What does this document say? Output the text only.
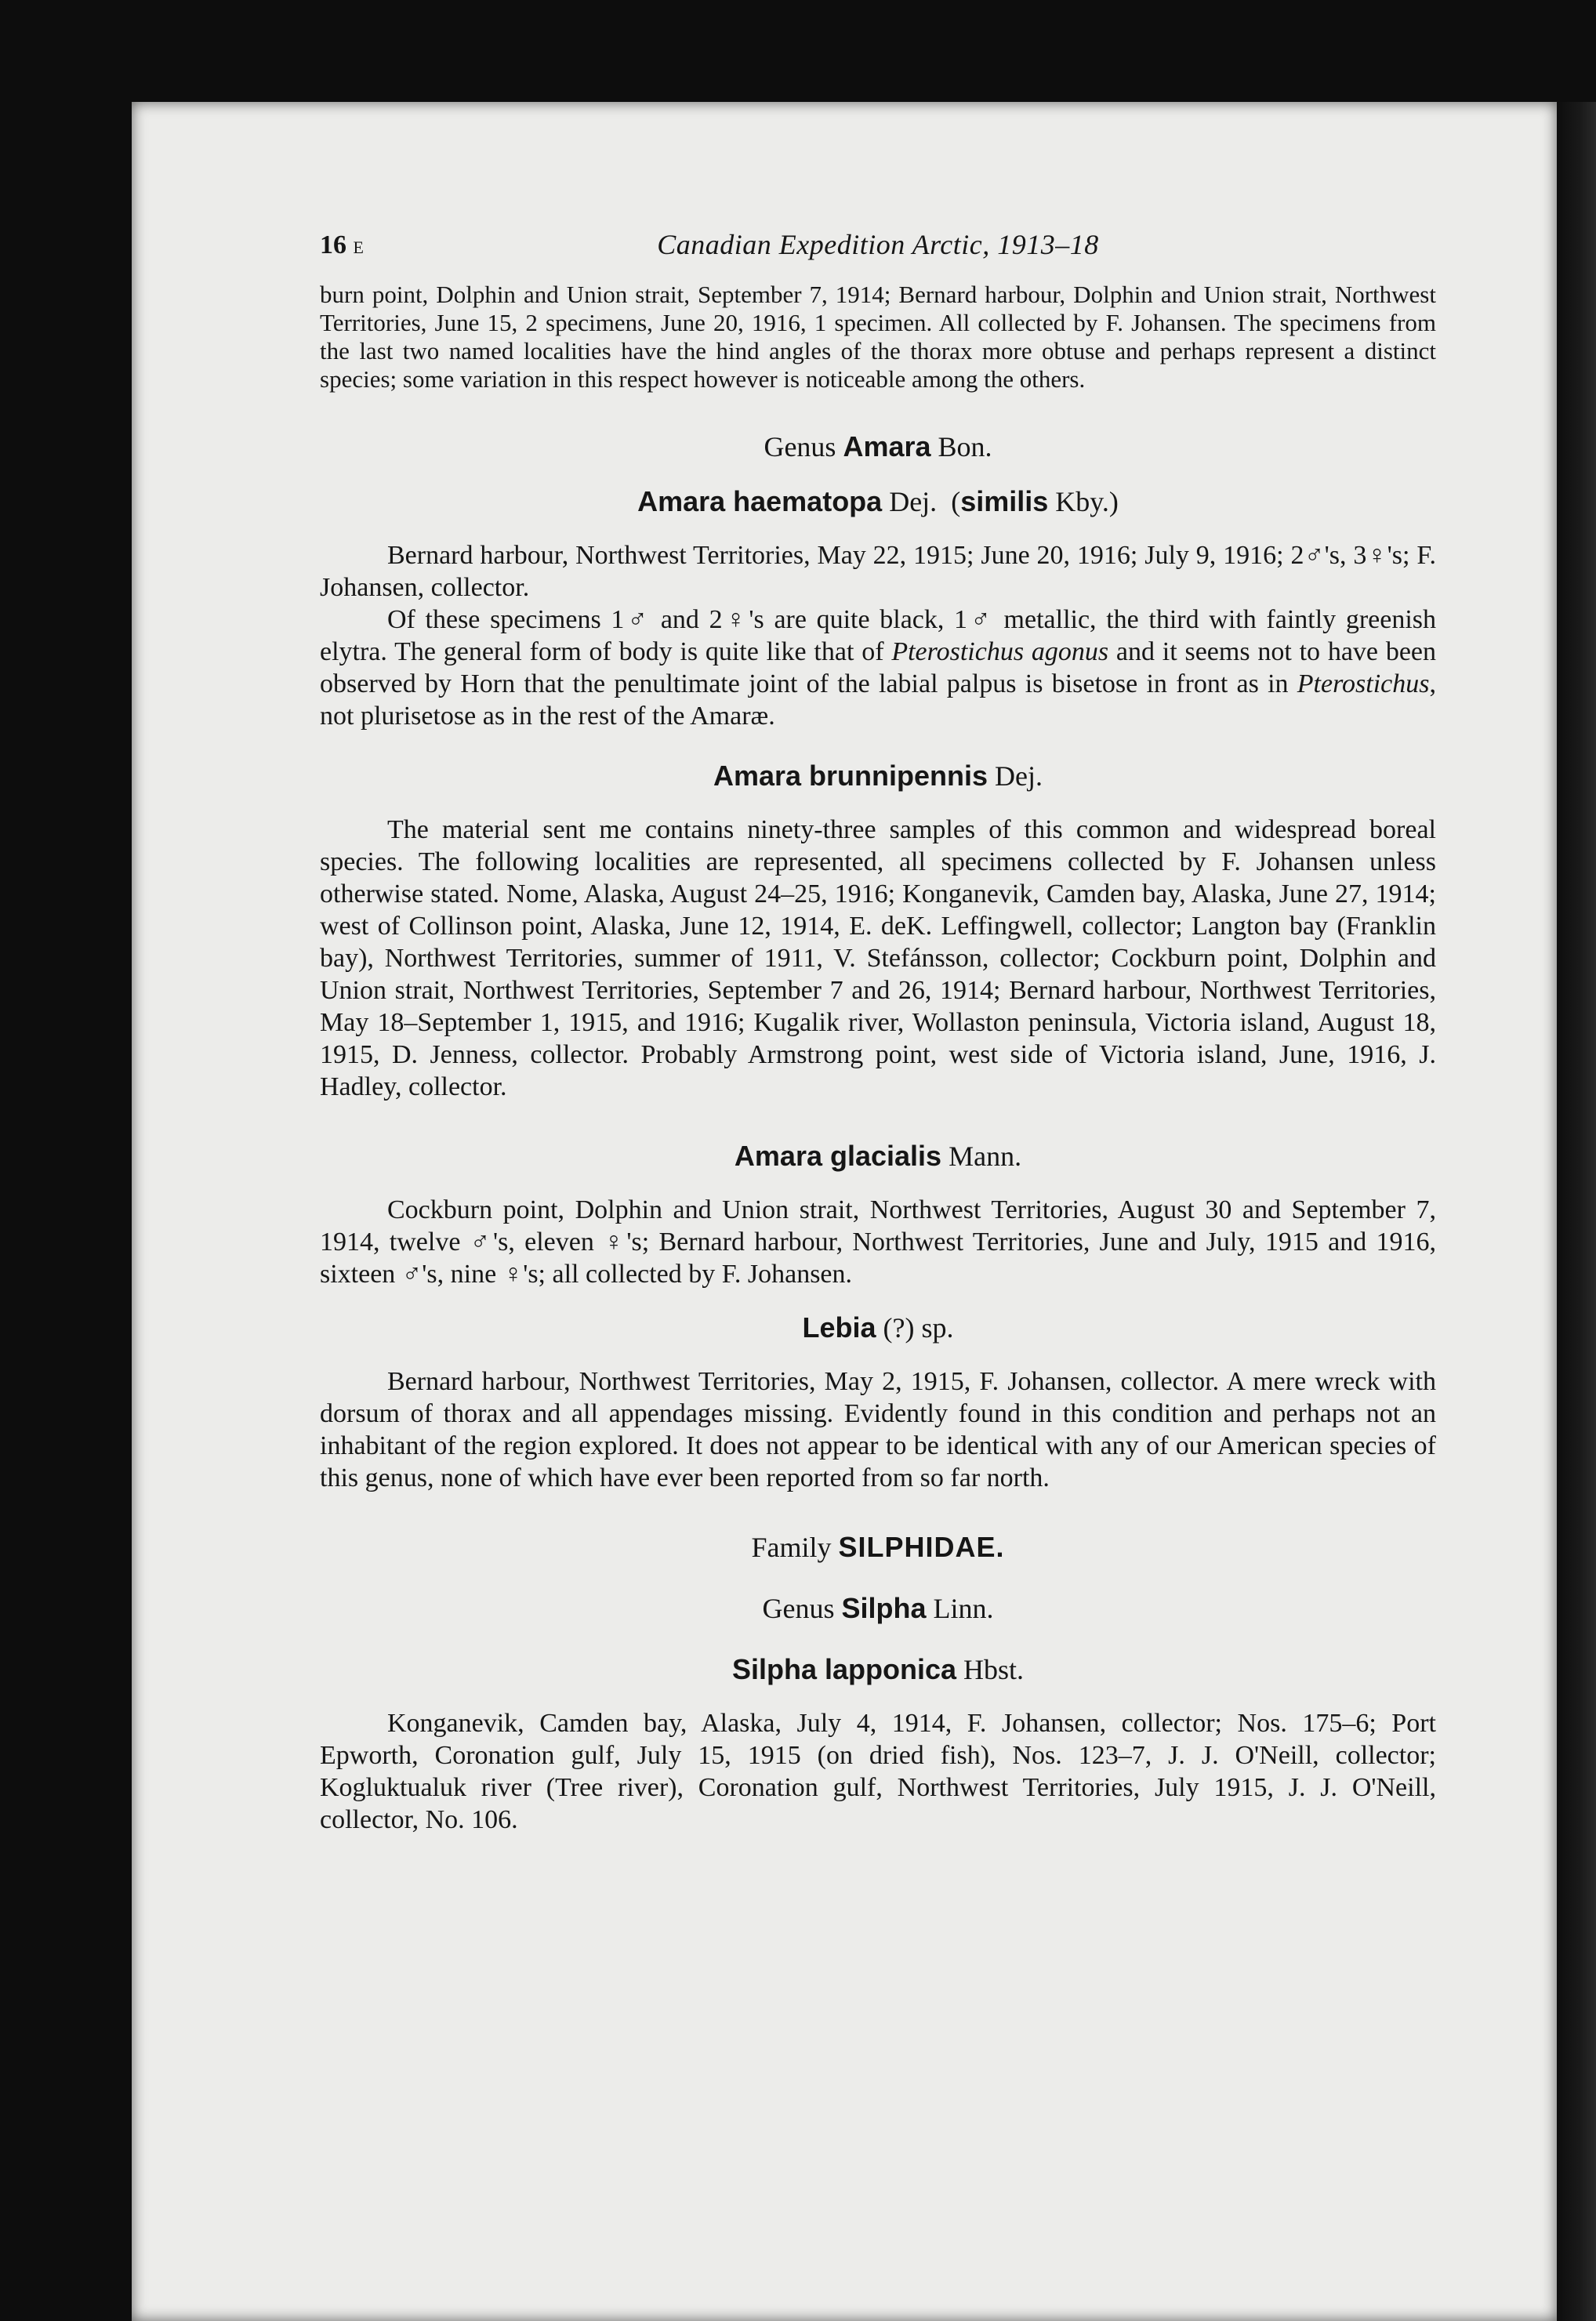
16 E	Canadian Expedition Arctic, 1913–18

burn point, Dolphin and Union strait, September 7, 1914; Bernard harbour, Dolphin and Union strait, Northwest Territories, June 15, 2 specimens, June 20, 1916, 1 specimen. All collected by F. Johansen. The specimens from the last two named localities have the hind angles of the thorax more obtuse and perhaps represent a distinct species; some variation in this respect however is noticeable among the others.

Genus Amara Bon.
Amara haematopa Dej. (similis Kby.)

Bernard harbour, Northwest Territories, May 22, 1915; June 20, 1916; July 9, 1916; 2♂'s, 3♀'s; F. Johansen, collector.

Of these specimens 1♂ and 2♀'s are quite black, 1♂ metallic, the third with faintly greenish elytra. The general form of body is quite like that of Pterostichus agonus and it seems not to have been observed by Horn that the penultimate joint of the labial palpus is bisetose in front as in Pterostichus, not plurisetose as in the rest of the Amaræ.

Amara brunnipennis Dej.

The material sent me contains ninety-three samples of this common and widespread boreal species. The following localities are represented, all specimens collected by F. Johansen unless otherwise stated. Nome, Alaska, August 24–25, 1916; Konganevik, Camden bay, Alaska, June 27, 1914; west of Collinson point, Alaska, June 12, 1914, E. deK. Leffingwell, collector; Langton bay (Franklin bay), Northwest Territories, summer of 1911, V. Stefánsson, collector; Cockburn point, Dolphin and Union strait, Northwest Territories, September 7 and 26, 1914; Bernard harbour, Northwest Territories, May 18–September 1, 1915, and 1916; Kugalik river, Wollaston peninsula, Victoria island, August 18, 1915, D. Jenness, collector. Probably Armstrong point, west side of Victoria island, June, 1916, J. Hadley, collector.

Amara glacialis Mann.

Cockburn point, Dolphin and Union strait, Northwest Territories, August 30 and September 7, 1914, twelve ♂'s, eleven ♀'s; Bernard harbour, Northwest Territories, June and July, 1915 and 1916, sixteen ♂'s, nine ♀'s; all collected by F. Johansen.

Lebia (?) sp.

Bernard harbour, Northwest Territories, May 2, 1915, F. Johansen, collector. A mere wreck with dorsum of thorax and all appendages missing. Evidently found in this condition and perhaps not an inhabitant of the region explored. It does not appear to be identical with any of our American species of this genus, none of which have ever been reported from so far north.

Family SILPHIDAE.
Genus Silpha Linn.
Silpha lapponica Hbst.

Konganevik, Camden bay, Alaska, July 4, 1914, F. Johansen, collector; Nos. 175–6; Port Epworth, Coronation gulf, July 15, 1915 (on dried fish), Nos. 123–7, J. J. O'Neill, collector; Kogluktualuk river (Tree river), Coronation gulf, Northwest Territories, July 1915, J. J. O'Neill, collector, No. 106.
